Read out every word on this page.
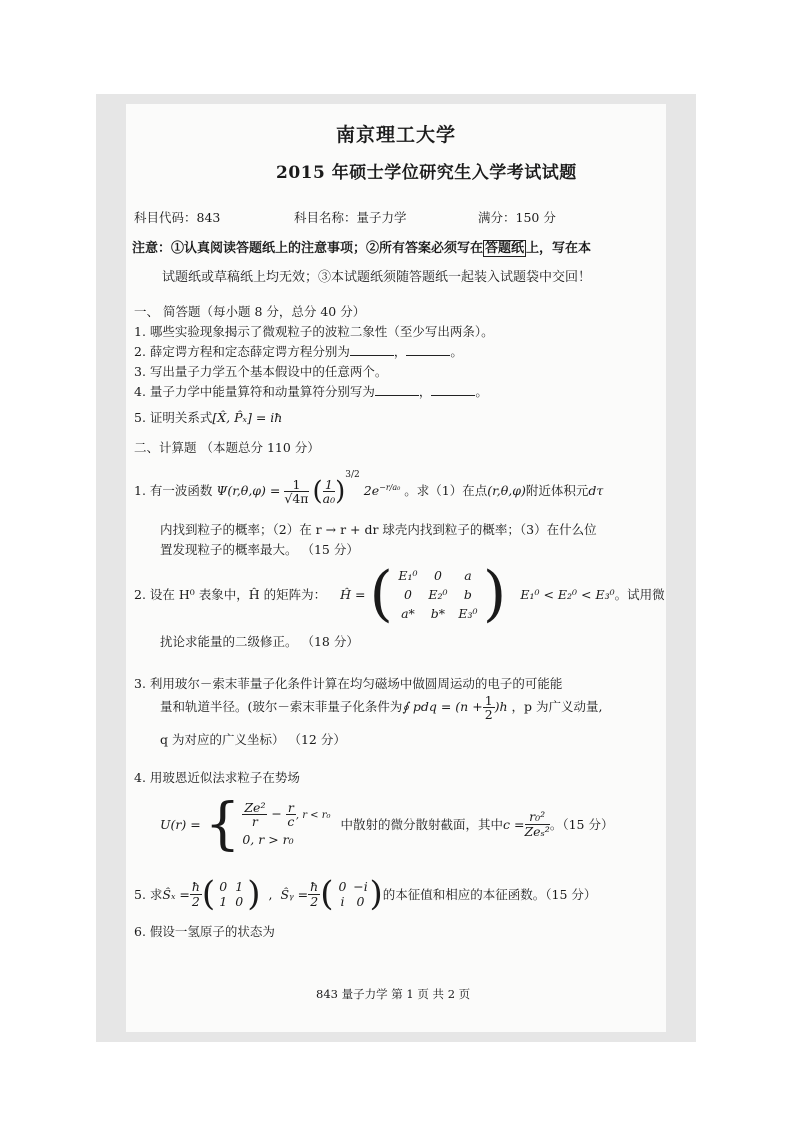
南京理工大学
2015 年硕士学位研究生入学考试试题
科目代码：843	科目名称：量子力学	满分：150 分
注意：①认真阅读答题纸上的注意事项；②所有答案必须写在 答题纸 上，写在本
试题纸或草稿纸上均无效；③本试题纸须随答题纸一起装入试题袋中交回！
一、 简答题（每小题 8 分，总分 40 分）
1. 哪些实验现象揭示了微观粒子的波粒二象性（至少写出两条）。
2. 薛定谔方程和定态薛定谔方程分别为	，	。
3. 写出量子力学五个基本假设中的任意两个。
4. 量子力学中能量算符和动量算符分别写为	，	。
5. 证明关系式[X̂, P̂ₓ] = iħ
二、计算题 （本题总分 110 分）
1. 有一波函数 $\Psi(r,\theta,\varphi) = \frac{1}{√4\pi}$ ( $\frac{1}{\text{a₀}} )^{3/2}$ $2e^{-r/a_0}$ 。求（1）在点(r,θ,φ)附近体积元dτ
内找到粒子的概率；（2）在 r → r + dr 球壳内找到粒子的概率；（3）在什么位
置发现粒子的概率最大。 （15 分）
2. 设在 H⁰ 表象中，Ĥ 的矩阵为： Ĥ = ( E₁⁰	0	a
0	E₂⁰	b
a*	b*	E₃⁰ ) E₁⁰ < E₂⁰ < E₃⁰ 。试用微
扰论求能量的二级修正。 （18 分）
3. 利用玻尔－索末菲量子化条件计算在均匀磁场中做圆周运动的电子的可能能
量和轨道半径。(玻尔－索末菲量子化条件为∮ pdq = $(n + \frac{1}{2} )h$ ，p 为广义动量,
q 为对应的广义坐标） （12 分）
4. 用玻恩近似法求粒子在势场
U(r) = { $\frac{\text{Ze²}}{r} - \frac{r}{c}$ , r < r₀
0, r > r₀
中散射的微分散射截面，其中 $c = \frac{\text{r₀²}}{\text{Zeₛ²}}$ 。（15 分）
5. 求 Ŝₓ = $\frac{ħ}{2}$ ( 0 1
1 0 ) , Ŝᵧ = $\frac{ħ}{2}$ ( 0 −i
i 0 ) 的本征值和相应的本征函数。（15 分）
6. 假设一氢原子的状态为
843 量子力学 第 1 页 共 2 页
